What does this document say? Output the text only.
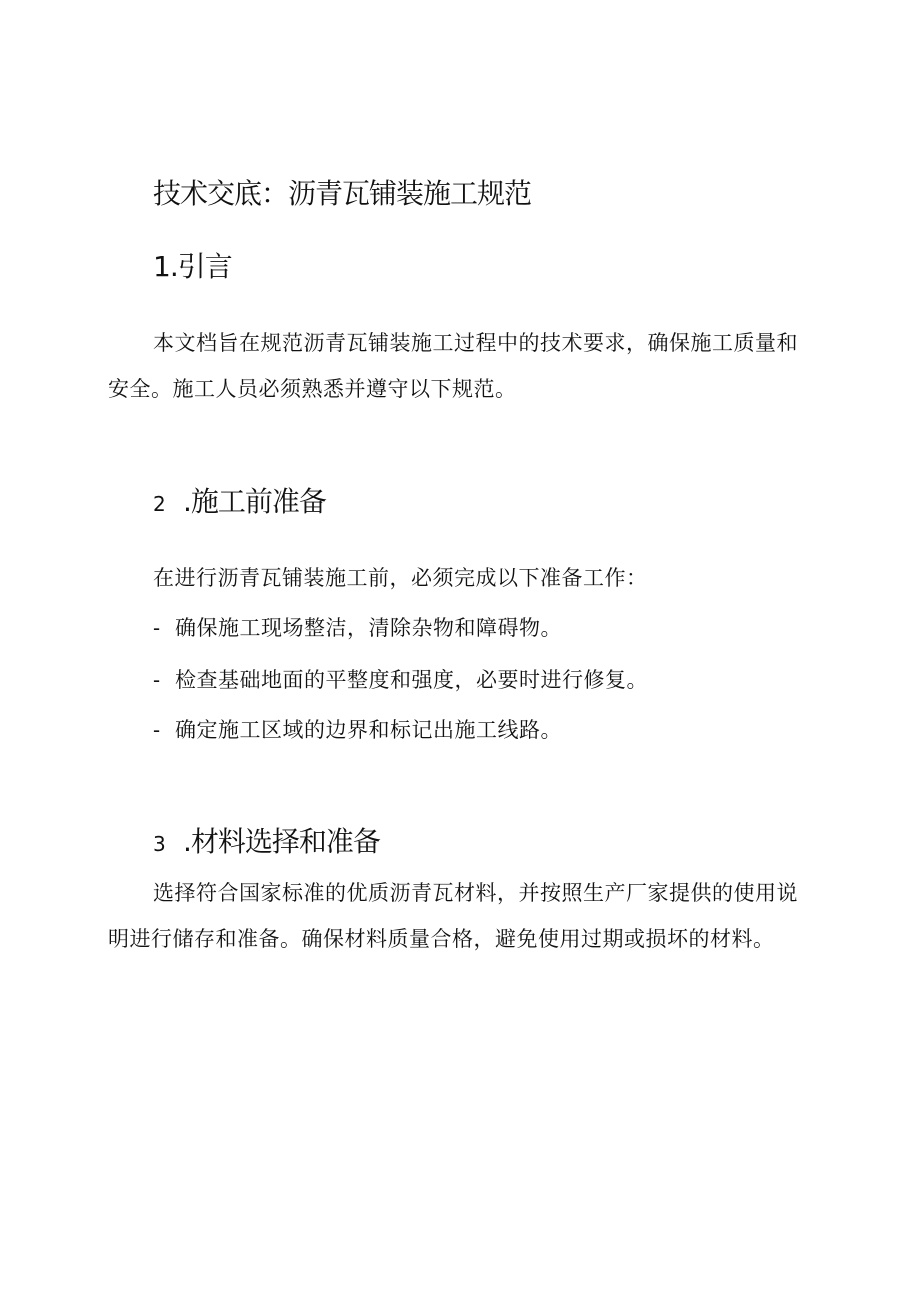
技术交底：沥青瓦铺装施工规范
1.引言

本文档旨在规范沥青瓦铺装施工过程中的技术要求，确保施工质量和安全。施工人员必须熟悉并遵守以下规范。

2 .施工前准备
在进行沥青瓦铺装施工前，必须完成以下准备工作：
- 确保施工现场整洁，清除杂物和障碍物。
- 检查基础地面的平整度和强度，必要时进行修复。
- 确定施工区域的边界和标记出施工线路。
3 .材料选择和准备

选择符合国家标准的优质沥青瓦材料，并按照生产厂家提供的使用说明进行储存和准备。确保材料质量合格，避免使用过期或损坏的材料。
